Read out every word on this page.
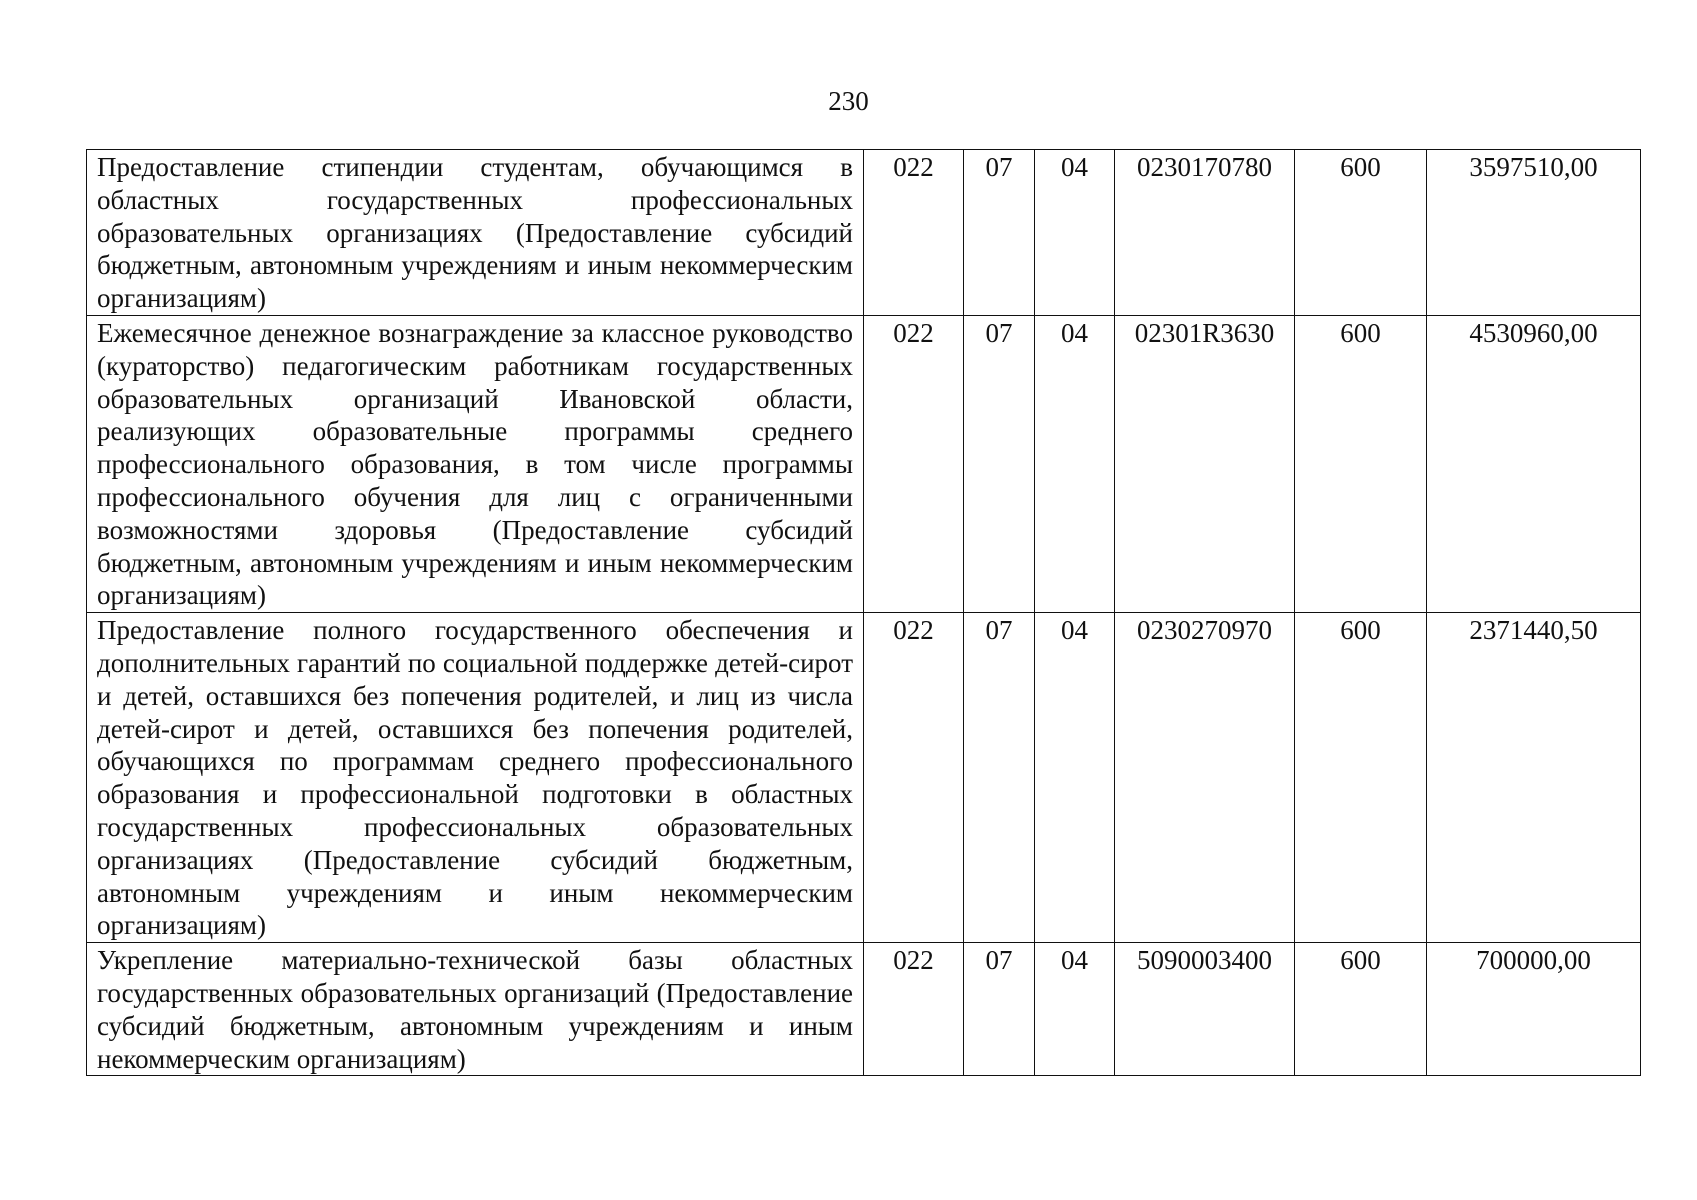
230
Предоставление стипендии студентам, обучающимся в областных государственных профессиональных образовательных организациях (Предоставление субсидий бюджетным, автономным учреждениям и иным некоммерческим организациям)	022	07	04	0230170780	600	3597510,00
Ежемесячное денежное вознаграждение за классное руководство (кураторство) педагогическим работникам государственных образовательных организаций Ивановской области, реализующих образовательные программы среднего профессионального образования, в том числе программы профессионального обучения для лиц с ограниченными возможностями здоровья (Предоставление субсидий бюджетным, автономным учреждениям и иным некоммерческим организациям)	022	07	04	02301R3630	600	4530960,00
Предоставление полного государственного обеспечения и дополнительных гарантий по социальной поддержке детей-сирот и детей, оставшихся без попечения родителей, и лиц из числа детей-сирот и детей, оставшихся без попечения родителей, обучающихся по программам среднего профессионального образования и профессиональной подготовки в областных государственных профессиональных образовательных организациях (Предоставление субсидий бюджетным, автономным учреждениям и иным некоммерческим организациям)	022	07	04	0230270970	600	2371440,50
Укрепление материально-технической базы областных государственных образовательных организаций (Предоставление субсидий бюджетным, автономным учреждениям и иным некоммерческим организациям)	022	07	04	5090003400	600	700000,00
